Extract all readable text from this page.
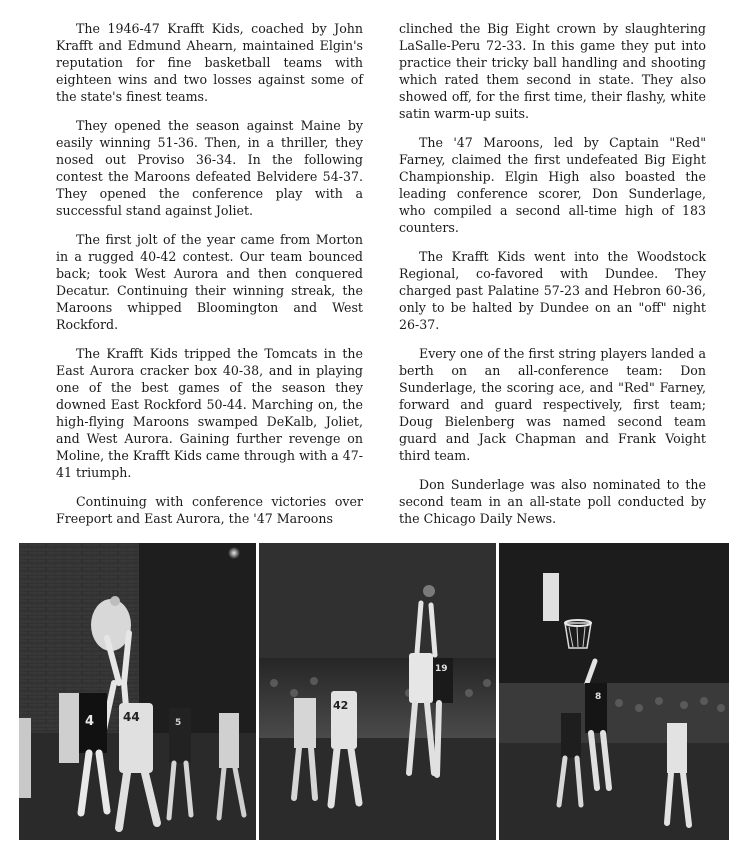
The 1946-47 Krafft Kids, coached by John Krafft and Edmund Ahearn, maintained Elgin's reputation for fine basketball teams with eighteen wins and two losses against some of the state's finest teams.

They opened the season against Maine by easily winning 51-36. Then, in a thriller, they nosed out Proviso 36-34. In the following contest the Maroons defeated Belvidere 54-37. They opened the conference play with a successful stand against Joliet.

The first jolt of the year came from Morton in a rugged 40-42 contest. Our team bounced back; took West Aurora and then conquered Decatur. Continuing their winning streak, the Maroons whipped Bloomington and West Rockford.

The Krafft Kids tripped the Tomcats in the East Aurora cracker box 40-38, and in playing one of the best games of the season they downed East Rockford 50-44. Marching on, the high-flying Maroons swamped DeKalb, Joliet, and West Aurora. Gaining further revenge on Moline, the Krafft Kids came through with a 47-41 triumph.

Continuing with conference victories over Freeport and East Aurora, the '47 Maroons

clinched the Big Eight crown by slaughtering LaSalle-Peru 72-33. In this game they put into practice their tricky ball handling and shooting which rated them second in state. They also showed off, for the first time, their flashy, white satin warm-up suits.

The '47 Maroons, led by Captain "Red" Farney, claimed the first undefeated Big Eight Championship. Elgin High also boasted the leading conference scorer, Don Sunderlage, who compiled a second all-time high of 183 counters.

The Krafft Kids went into the Woodstock Regional, co-favored with Dundee. They charged past Palatine 57-23 and Hebron 60-36, only to be halted by Dundee on an "off" night 26-37.

Every one of the first string players landed a berth on an all-conference team: Don Sunderlage, the scoring ace, and "Red" Farney, forward and guard respectively, first team; Doug Bielenberg was named second team guard and Jack Chapman and Frank Voight third team.

Don Sunderlage was also nominated to the second team in an all-state poll conducted by the Chicago Daily News.

4 44	5
42
19
8
